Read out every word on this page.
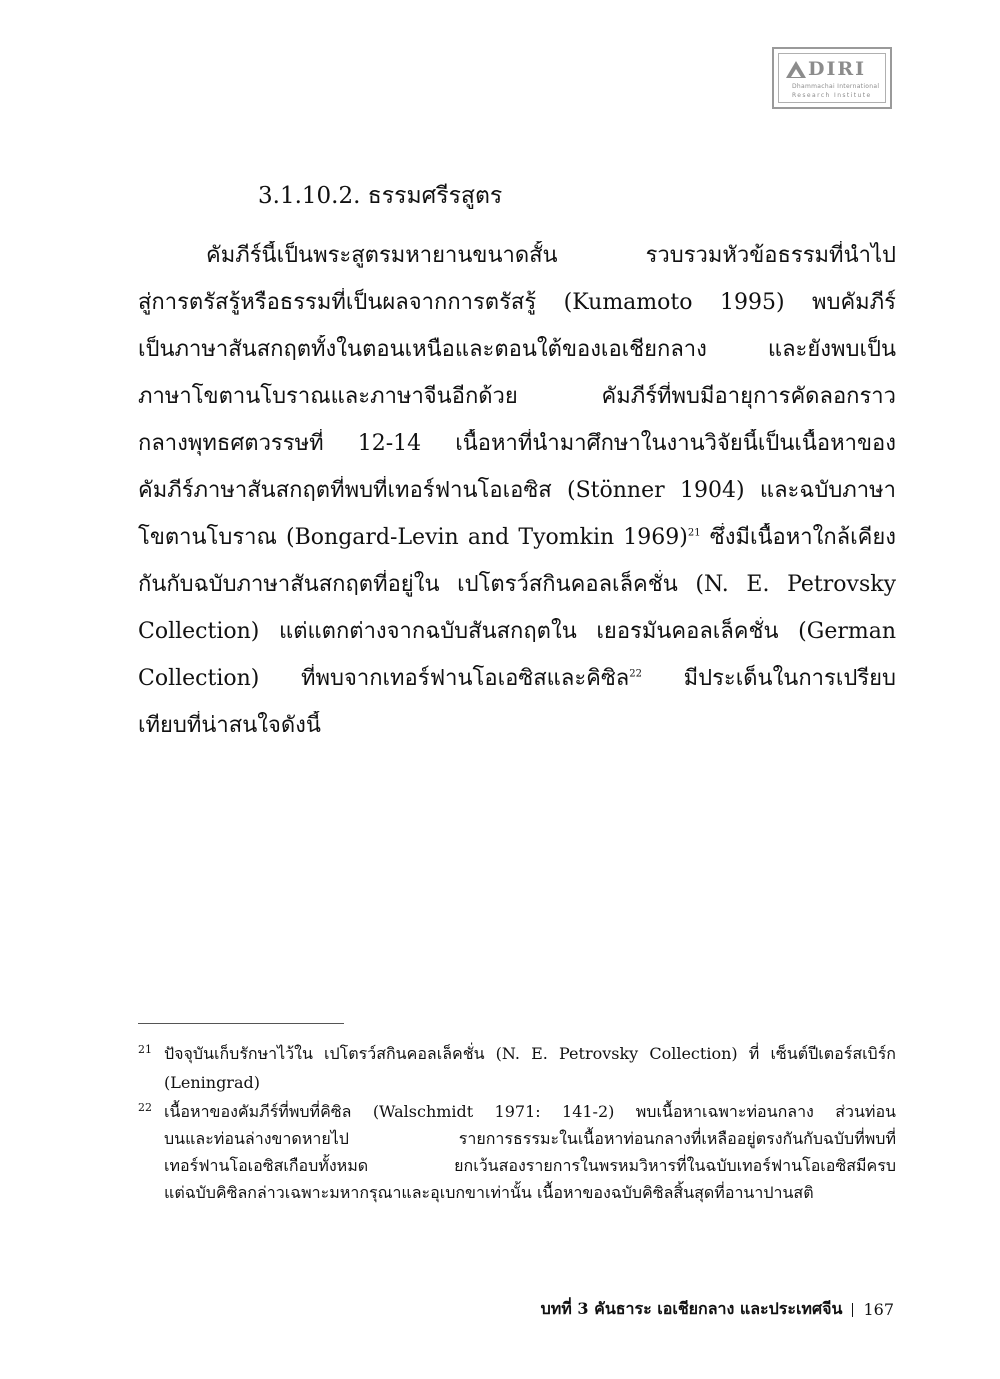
DIRI
Dhammachai International
Research Institute
3.1.10.2. ธรรมศรีรสูตร
คัมภีร์นี้เป็นพระสูตรมหายานขนาดสั้น รวบรวมหัวข้อธรรมที่นำไป
สู่การตรัสรู้หรือธรรมที่เป็นผลจากการตรัสรู้ (Kumamoto 1995) พบคัมภีร์
เป็นภาษาสันสกฤตทั้งในตอนเหนือและตอนใต้ของเอเชียกลาง และยังพบเป็น
ภาษาโขตานโบราณและภาษาจีนอีกด้วย คัมภีร์ที่พบมีอายุการคัดลอกราว
กลางพุทธศตวรรษที่ 12-14 เนื้อหาที่นำมาศึกษาในงานวิจัยนี้เป็นเนื้อหาของ
คัมภีร์ภาษาสันสกฤตที่พบที่เทอร์ฟานโอเอซิส (Stönner 1904) และฉบับภาษา
โขตานโบราณ (Bongard-Levin and Tyomkin 1969)$^{21}$ ซึ่งมีเนื้อหาใกล้เคียง
กันกับฉบับภาษาสันสกฤตที่อยู่ใน เปโตรว์สกินคอลเล็คชั่น (N. E. Petrovsky
Collection) แต่แตกต่างจากฉบับสันสกฤตใน เยอรมันคอลเล็คชั่น (German
Collection) ที่พบจากเทอร์ฟานโอเอซิสและคิซิล$^{22}$ มีประเด็นในการเปรียบ
เทียบที่น่าสนใจดังนี้
21 ปัจจุบันเก็บรักษาไว้ใน เปโตรว์สกินคอลเล็คชั่น (N. E. Petrovsky Collection) ที่ เซ็นต์ปีเตอร์สเบิร์ก
(Leningrad)
22 เนื้อหาของคัมภีร์ที่พบที่คิซิล (Walschmidt 1971: 141-2) พบเนื้อหาเฉพาะท่อนกลาง ส่วนท่อน
บนและท่อนล่างขาดหายไป รายการธรรมะในเนื้อหาท่อนกลางที่เหลืออยู่ตรงกันกับฉบับที่พบที่
เทอร์ฟานโอเอซิสเกือบทั้งหมด ยกเว้นสองรายการในพรหมวิหารที่ในฉบับเทอร์ฟานโอเอซิสมีครบ
แต่ฉบับคิซิลกล่าวเฉพาะมหากรุณาและอุเบกขาเท่านั้น เนื้อหาของฉบับคิซิลสิ้นสุดที่อานาปานสติ
บทที่ 3 คันธาระ เอเชียกลาง และประเทศจีน 167
